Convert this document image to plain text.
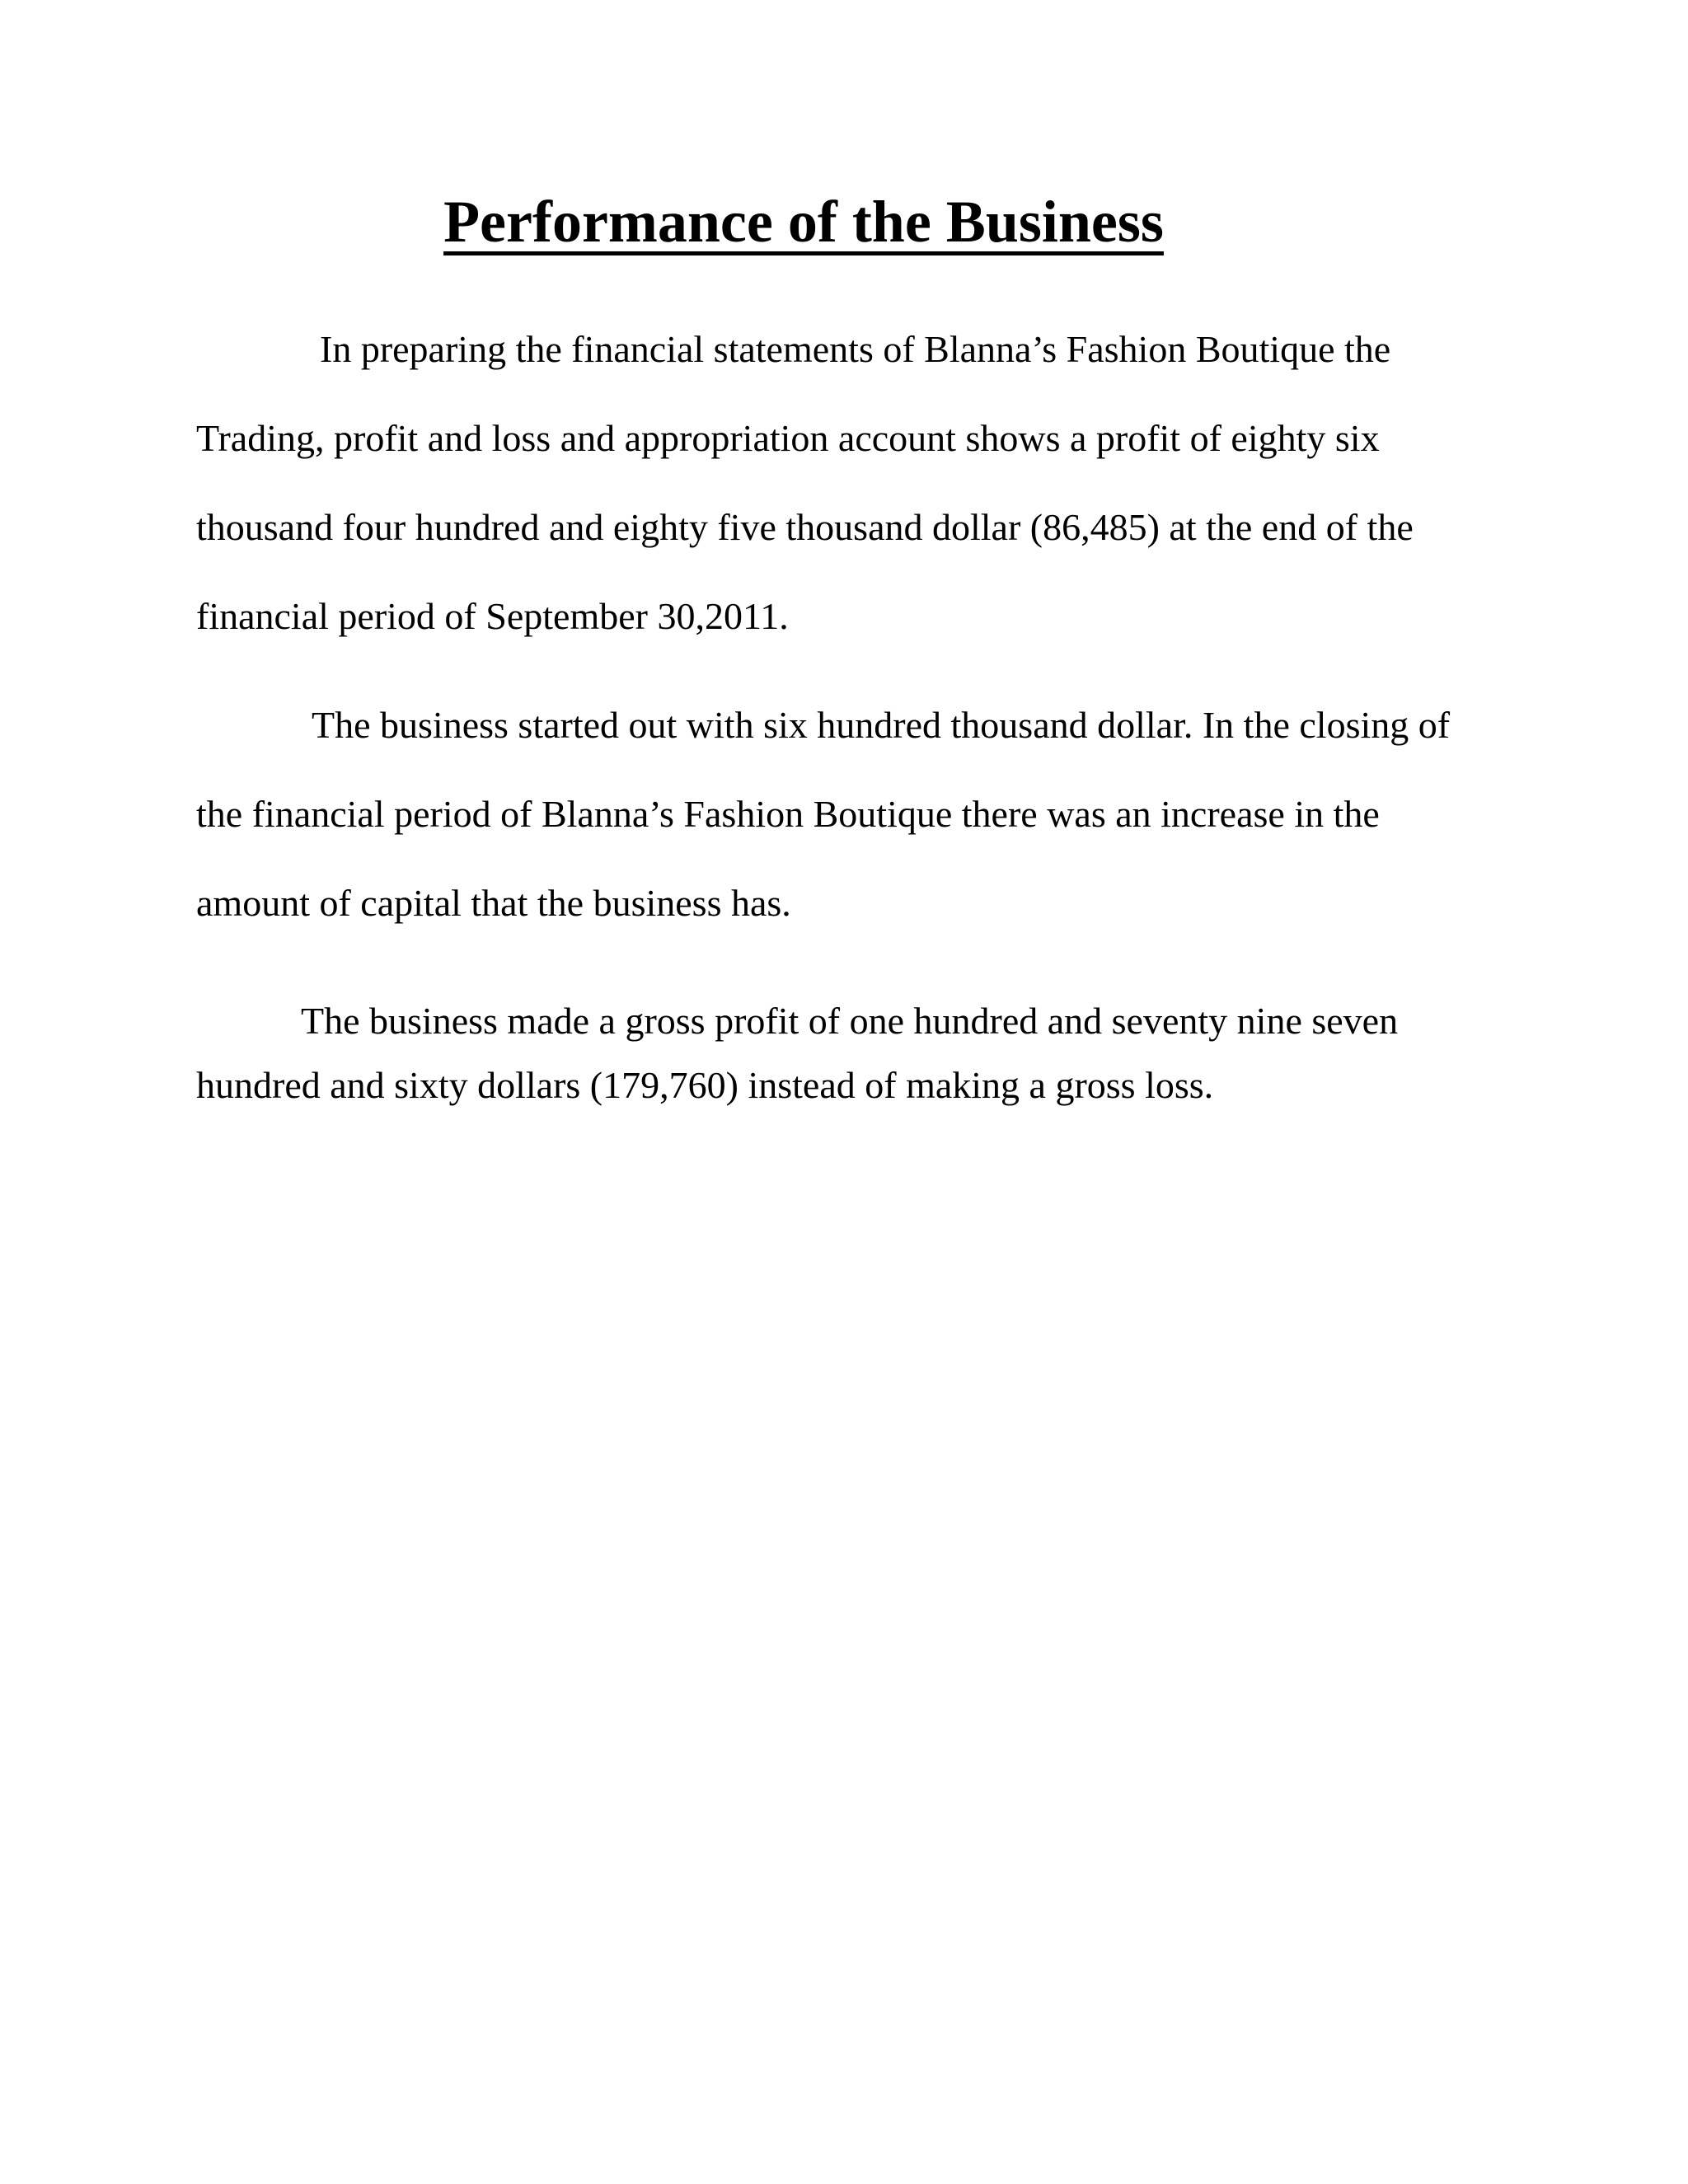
Performance of the Business

In preparing the financial statements of Blanna’s Fashion Boutique the
Trading, profit and loss and appropriation account shows a profit of eighty six
thousand four hundred and eighty five thousand dollar (86,485) at the end of the
financial period of September 30,2011.

The business started out with six hundred thousand dollar. In the closing of
the financial period of Blanna’s Fashion Boutique there was an increase in the
amount of capital that the business has.

The business made a gross profit of one hundred and seventy nine seven
hundred and sixty dollars (179,760) instead of making a gross loss.
